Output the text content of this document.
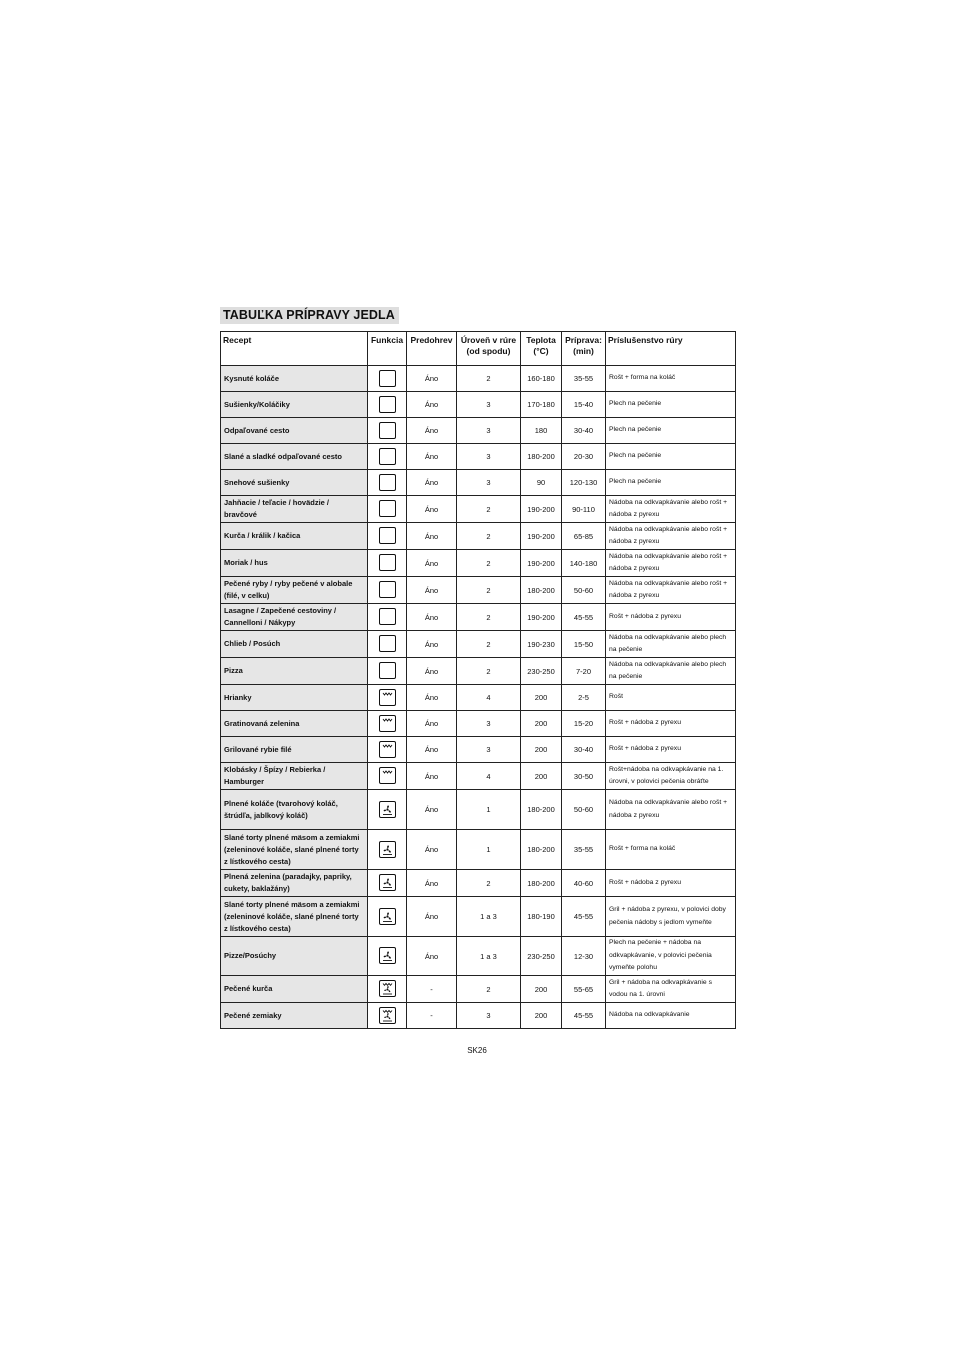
TABUĽKA PRÍPRAVY JEDLA
Recept	Funkcia	Predohrev	Úroveň v rúre (od spodu)	Teplota (°C)	Príprava: (min)	Príslušenstvo rúry
Kysnuté koláče		Áno	2	160-180	35-55	Rošt + forma na koláč
Sušienky/Koláčiky		Áno	3	170-180	15-40	Plech na pečenie
Odpaľované cesto		Áno	3	180	30-40	Plech na pečenie
Slané a sladké odpaľované cesto		Áno	3	180-200	20-30	Plech na pečenie
Snehové sušienky		Áno	3	90	120-130	Plech na pečenie
Jahňacie / teľacie / hovädzie / bravčové		Áno	2	190-200	90-110	Nádoba na odkvapkávanie alebo rošt + nádoba z pyrexu
Kurča / králik / kačica		Áno	2	190-200	65-85	Nádoba na odkvapkávanie alebo rošt + nádoba z pyrexu
Moriak / hus		Áno	2	190-200	140-180	Nádoba na odkvapkávanie alebo rošt + nádoba z pyrexu
Pečené ryby / ryby pečené v alobale (filé, v celku)		Áno	2	180-200	50-60	Nádoba na odkvapkávanie alebo rošt + nádoba z pyrexu
Lasagne / Zapečené cestoviny / Cannelloni / Nákypy		Áno	2	190-200	45-55	Rošt + nádoba z pyrexu
Chlieb / Posúch		Áno	2	190-230	15-50	Nádoba na odkvapkávanie alebo plech na pečenie
Pizza		Áno	2	230-250	7-20	Nádoba na odkvapkávanie alebo plech na pečenie
Hrianky		Áno	4	200	2-5	Rošt
Gratinovaná zelenina		Áno	3	200	15-20	Rošt + nádoba z pyrexu
Grilované rybie filé		Áno	3	200	30-40	Rošt + nádoba z pyrexu
Klobásky / Špízy / Rebierka / Hamburger		Áno	4	200	30-50	Rošt+nádoba na odkvapkávanie na 1. úrovni, v polovici pečenia obráťte
Plnené koláče (tvarohový koláč, štrúdľa, jablkový koláč)		Áno	1	180-200	50-60	Nádoba na odkvapkávanie alebo rošt + nádoba z pyrexu
Slané torty plnené mäsom a zemiakmi (zeleninové koláče, slané plnené torty z lístkového cesta)		Áno	1	180-200	35-55	Rošt + forma na koláč
Plnená zelenina (paradajky, papriky, cukety, baklažány)		Áno	2	180-200	40-60	Rošt + nádoba z pyrexu
Slané torty plnené mäsom a zemiakmi (zeleninové koláče, slané plnené torty z lístkového cesta)		Áno	1 a 3	180-190	45-55	Gril + nádoba z pyrexu, v polovici doby pečenia nádoby s jedlom vymeňte
Pizze/Posúchy		Áno	1 a 3	230-250	12-30	Plech na pečenie + nádoba na odkvapkávanie, v polovici pečenia vymeňte polohu
Pečené kurča		-	2	200	55-65	Gril + nádoba na odkvapkávanie s vodou na 1. úrovni
Pečené zemiaky		-	3	200	45-55	Nádoba na odkvapkávanie
SK26
